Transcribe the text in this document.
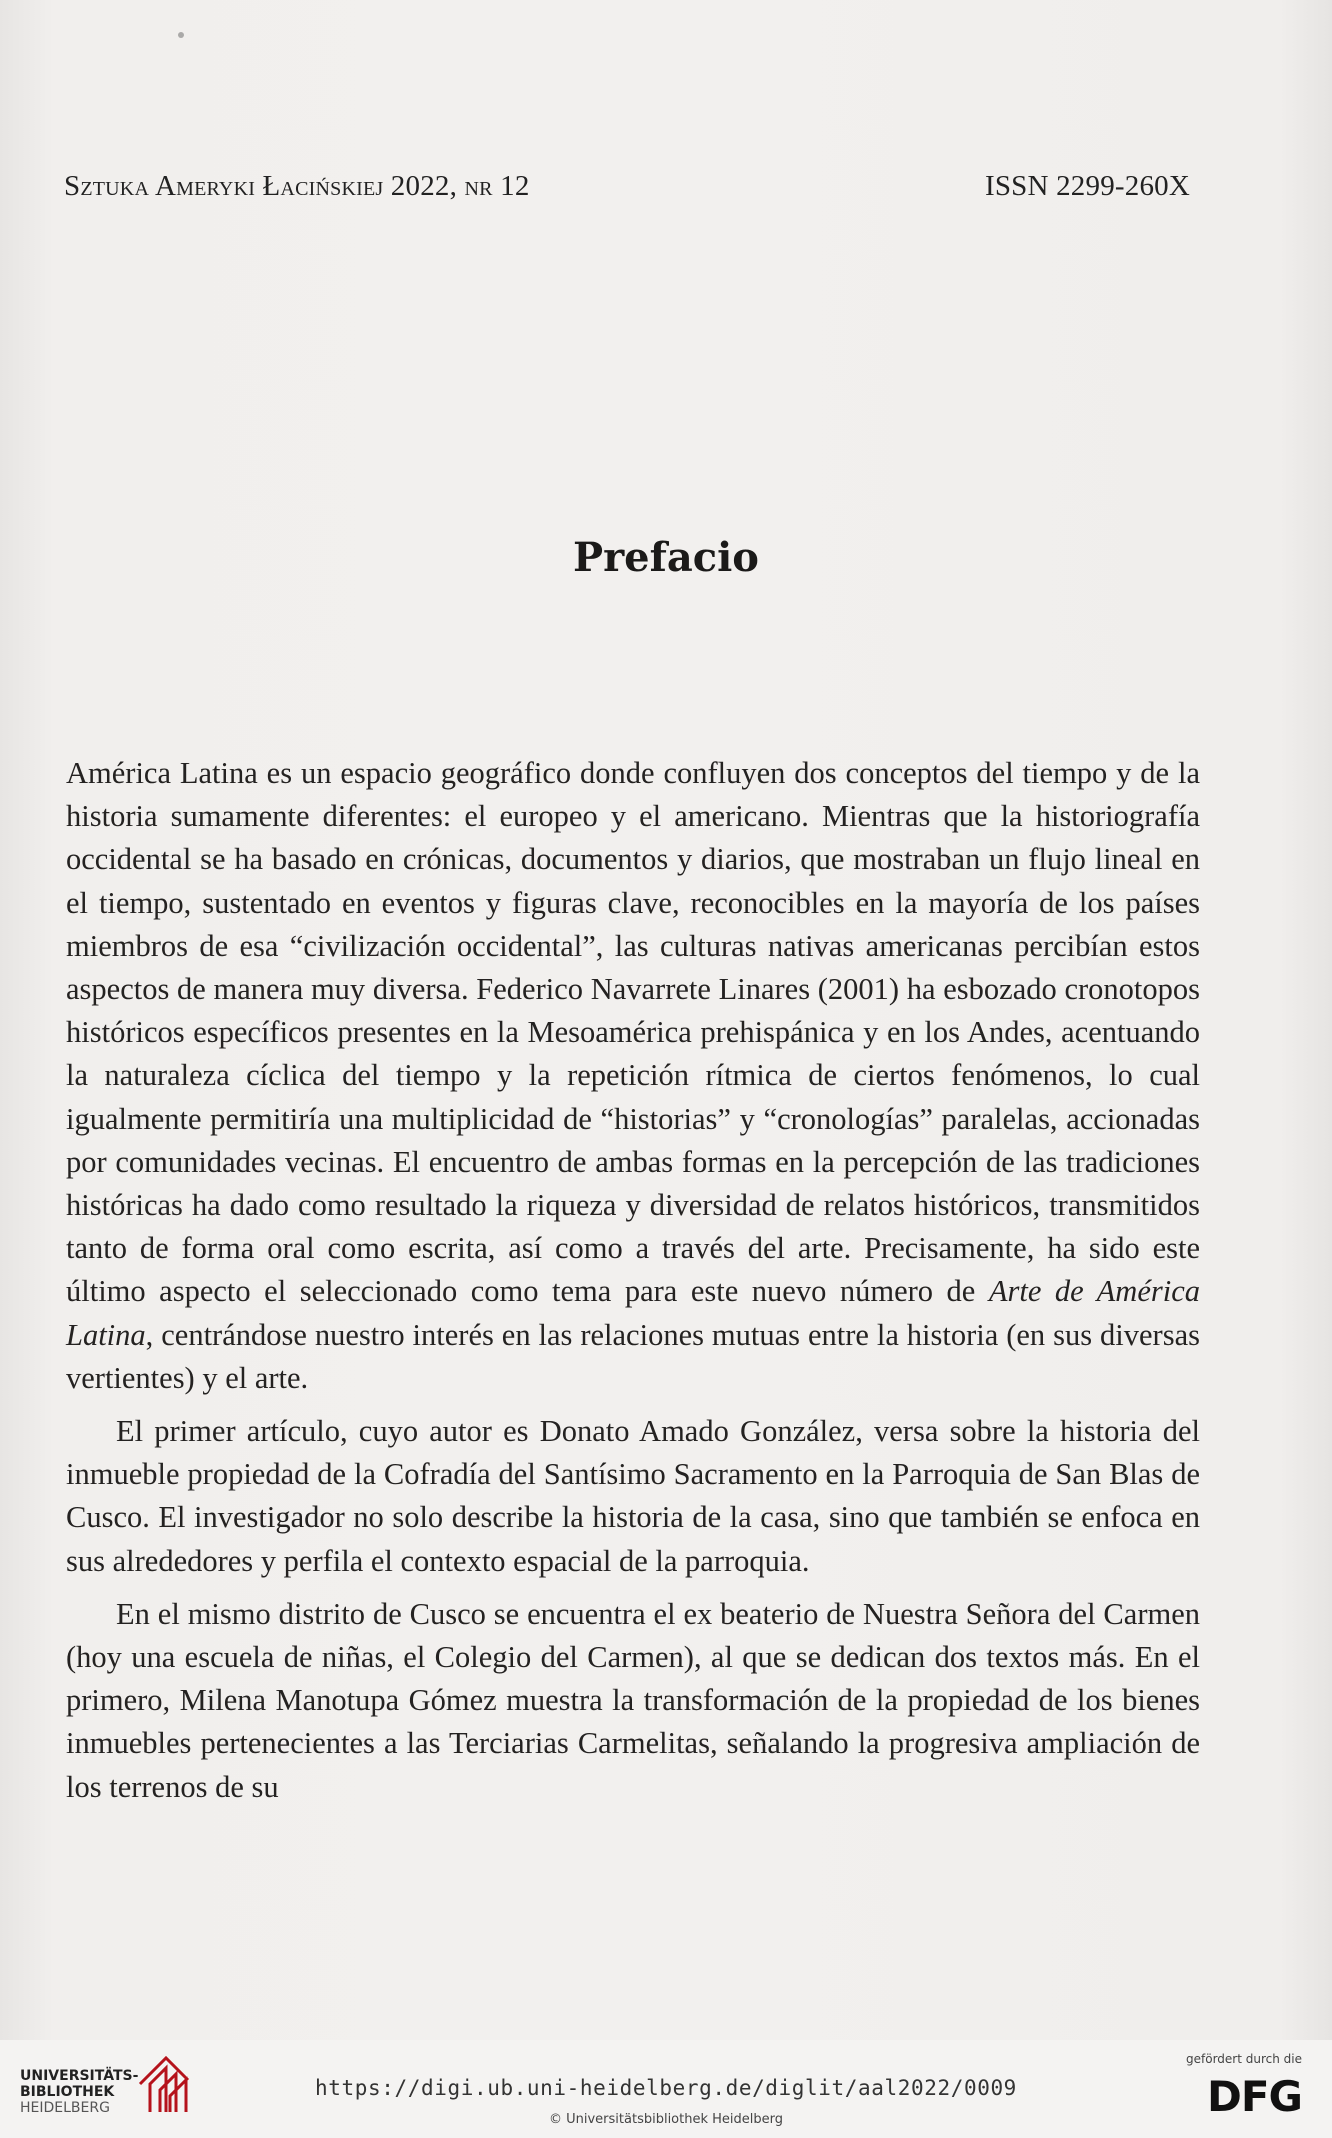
Sztuka Ameryki Łacińskiej 2022, nr 12	ISSN 2299-260X
Prefacio

América Latina es un espacio geográfico donde confluyen dos conceptos del tiempo y de la historia sumamente diferentes: el europeo y el americano. Mientras que la historiografía occidental se ha basado en crónicas, documentos y diarios, que mostraban un flujo lineal en el tiempo, sustentado en eventos y figuras clave, reconocibles en la mayoría de los países miembros de esa “civilización occidental”, las culturas nativas americanas percibían estos aspectos de manera muy diversa. Federico Navarrete Linares (2001) ha esbozado cronotopos históricos específicos presentes en la Mesoamérica prehispánica y en los Andes, acentuando la naturaleza cíclica del tiempo y la repetición rítmica de ciertos fenómenos, lo cual igualmente permitiría una multiplicidad de “historias” y “cronologías” paralelas, accionadas por comunidades vecinas. El encuentro de ambas formas en la percepción de las tradiciones históricas ha dado como resultado la riqueza y diversidad de relatos históricos, transmitidos tanto de forma oral como escrita, así como a través del arte. Precisamente, ha sido este último aspecto el seleccionado como tema para este nuevo número de Arte de América Latina, centrándose nuestro interés en las relaciones mutuas entre la historia (en sus diversas vertientes) y el arte.

El primer artículo, cuyo autor es Donato Amado González, versa sobre la historia del inmueble propiedad de la Cofradía del Santísimo Sacramento en la Parroquia de San Blas de Cusco. El investigador no solo describe la historia de la casa, sino que también se enfoca en sus alrededores y perfila el contexto espacial de la parroquia.

En el mismo distrito de Cusco se encuentra el ex beaterio de Nuestra Señora del Carmen (hoy una escuela de niñas, el Colegio del Carmen), al que se dedican dos textos más. En el primero, Milena Manotupa Gómez muestra la transformación de la propiedad de los bienes inmuebles pertenecientes a las Terciarias Carmelitas, señalando la progresiva ampliación de los terrenos de su

UNIVERSITÄTS-
BIBLIOTHEK
HEIDELBERG
https://digi.ub.uni-heidelberg.de/diglit/aal2022/0009
© Universitätsbibliothek Heidelberg
gefördert durch die
DFG
